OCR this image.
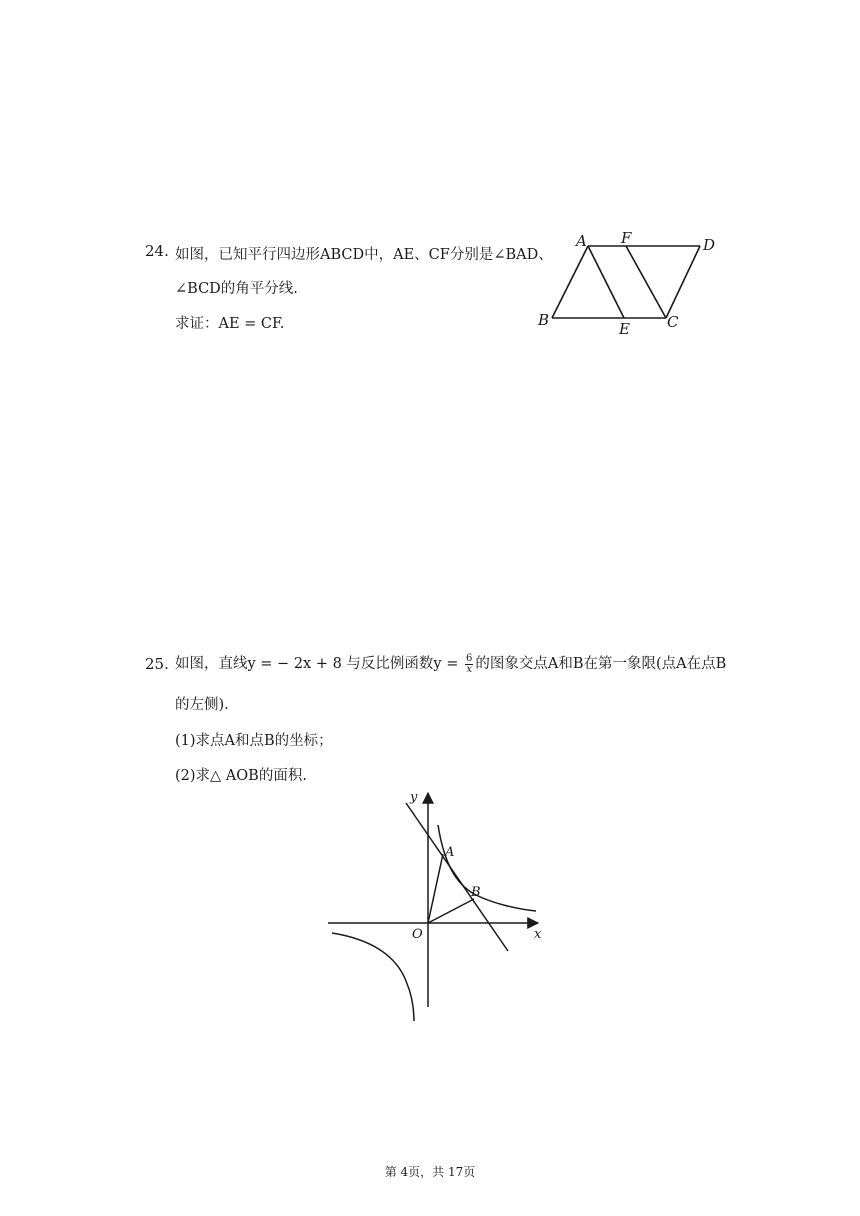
24. 如图，已知平行四边形ABCD中，AE、CF分别是∠BAD、
∠BCD的角平分线.
求证：AE = CF.
A F	D
B	E C
25. 如图，直线y = − 2x + 8 与反比例函数$y = \frac{6}{x}$ 的图象交点A和B在第一象限(点A在点B
的左侧).
(1)求点A和点B的坐标；
(2)求△ AOB的面积.
y
x
O
A
B
第 4页，共 17页
